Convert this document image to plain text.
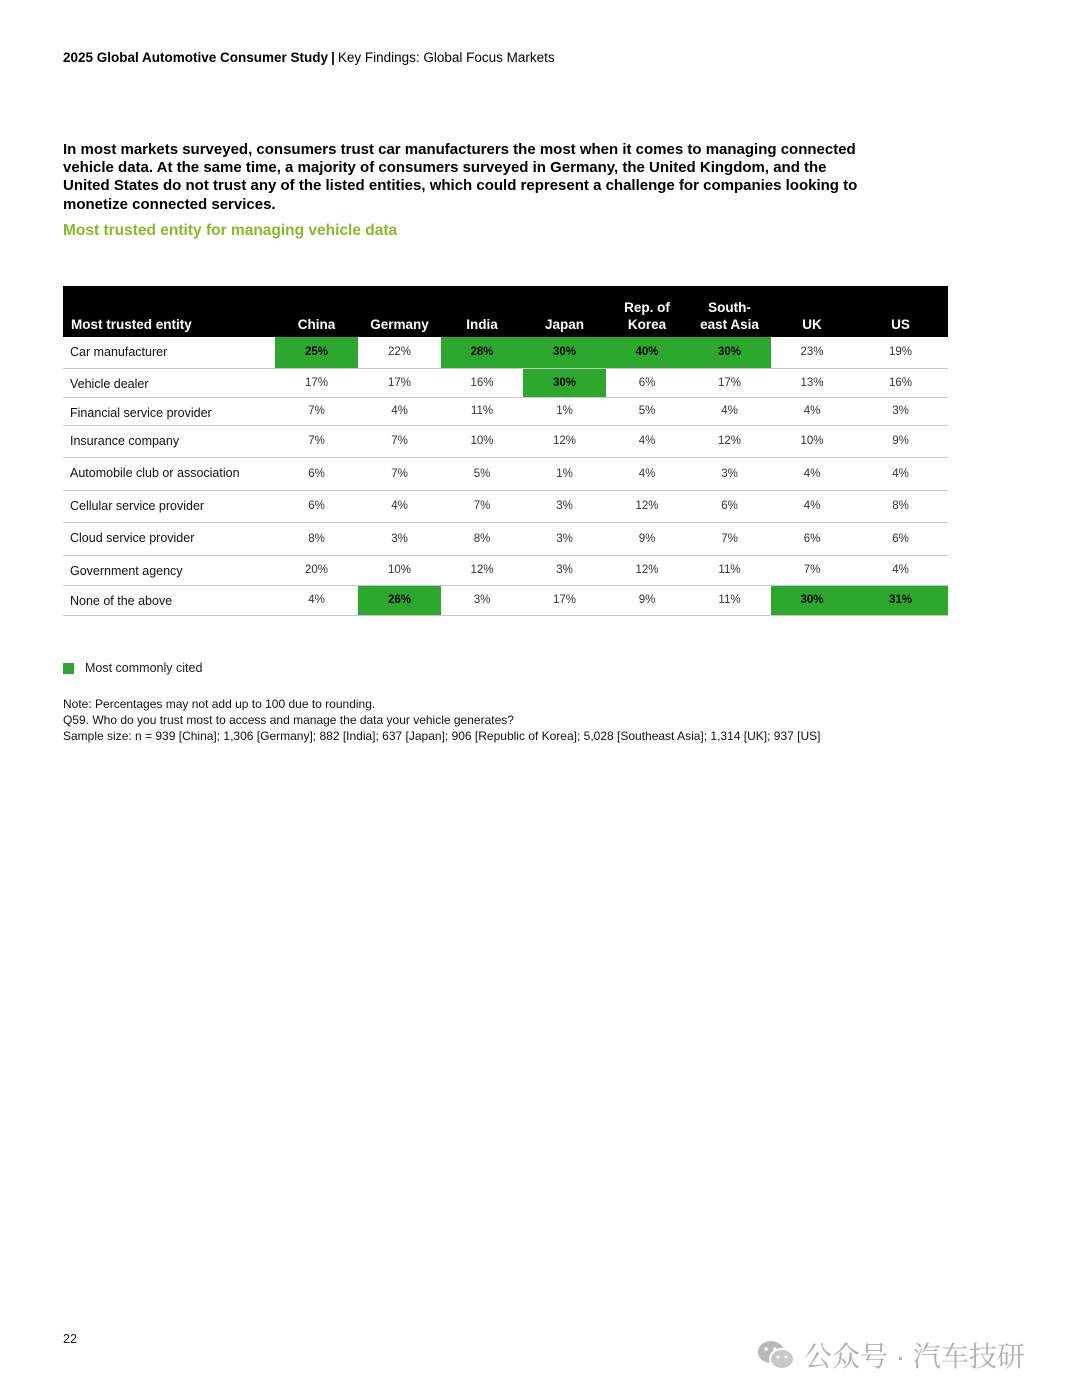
2025 Global Automotive Consumer Study | Key Findings: Global Focus Markets
In most markets surveyed, consumers trust car manufacturers the most when it comes to managing connected vehicle data. At the same time, a majority of consumers surveyed in Germany, the United Kingdom, and the United States do not trust any of the listed entities, which could represent a challenge for companies looking to monetize connected services.
Most trusted entity for managing vehicle data
Most trusted entity	China	Germany	India	Japan	Rep. of Korea	South-east Asia	UK	US
Car manufacturer	25%	22%	28%	30%	40%	30%	23%	19%
Vehicle dealer	17%	17%	16%	30%	6%	17%	13%	16%
Financial service provider	7%	4%	11%	1%	5%	4%	4%	3%
Insurance company	7%	7%	10%	12%	4%	12%	10%	9%
Automobile club or association	6%	7%	5%	1%	4%	3%	4%	4%
Cellular service provider	6%	4%	7%	3%	12%	6%	4%	8%
Cloud service provider	8%	3%	8%	3%	9%	7%	6%	6%
Government agency	20%	10%	12%	3%	12%	11%	7%	4%
None of the above	4%	26%	3%	17%	9%	11%	30%	31%
Most commonly cited
Note: Percentages may not add up to 100 due to rounding.
Q59. Who do you trust most to access and manage the data your vehicle generates?
Sample size: n = 939 [China]; 1,306 [Germany]; 882 [India]; 637 [Japan]; 906 [Republic of Korea]; 5,028 [Southeast Asia]; 1,314 [UK]; 937 [US]
22
公众号 · 汽车技研
